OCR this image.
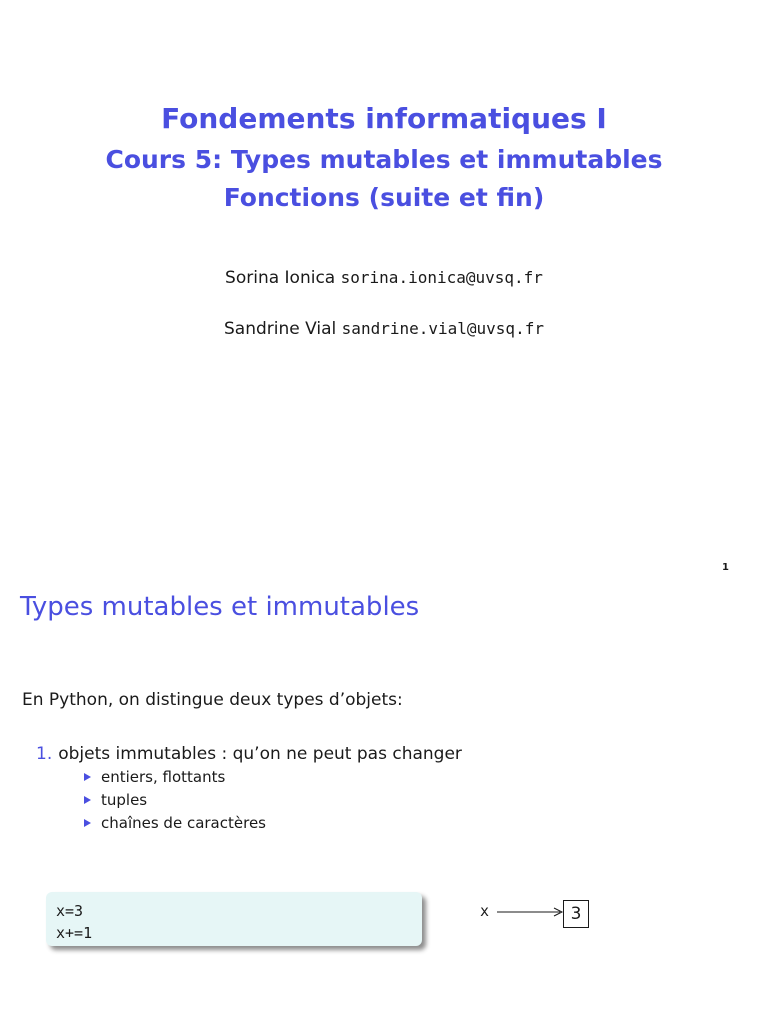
Fondements informatiques I
Cours 5: Types mutables et immutables
Fonctions (suite et fin)
Sorina Ionica sorina.ionica@uvsq.fr
Sandrine Vial sandrine.vial@uvsq.fr
1
Types mutables et immutables

En Python, on distingue deux types d’objets:

1. objets immutables : qu’on ne peut pas changer
entiers, flottants
tuples
chaînes de caractères
x=3
x+=1
x	3
